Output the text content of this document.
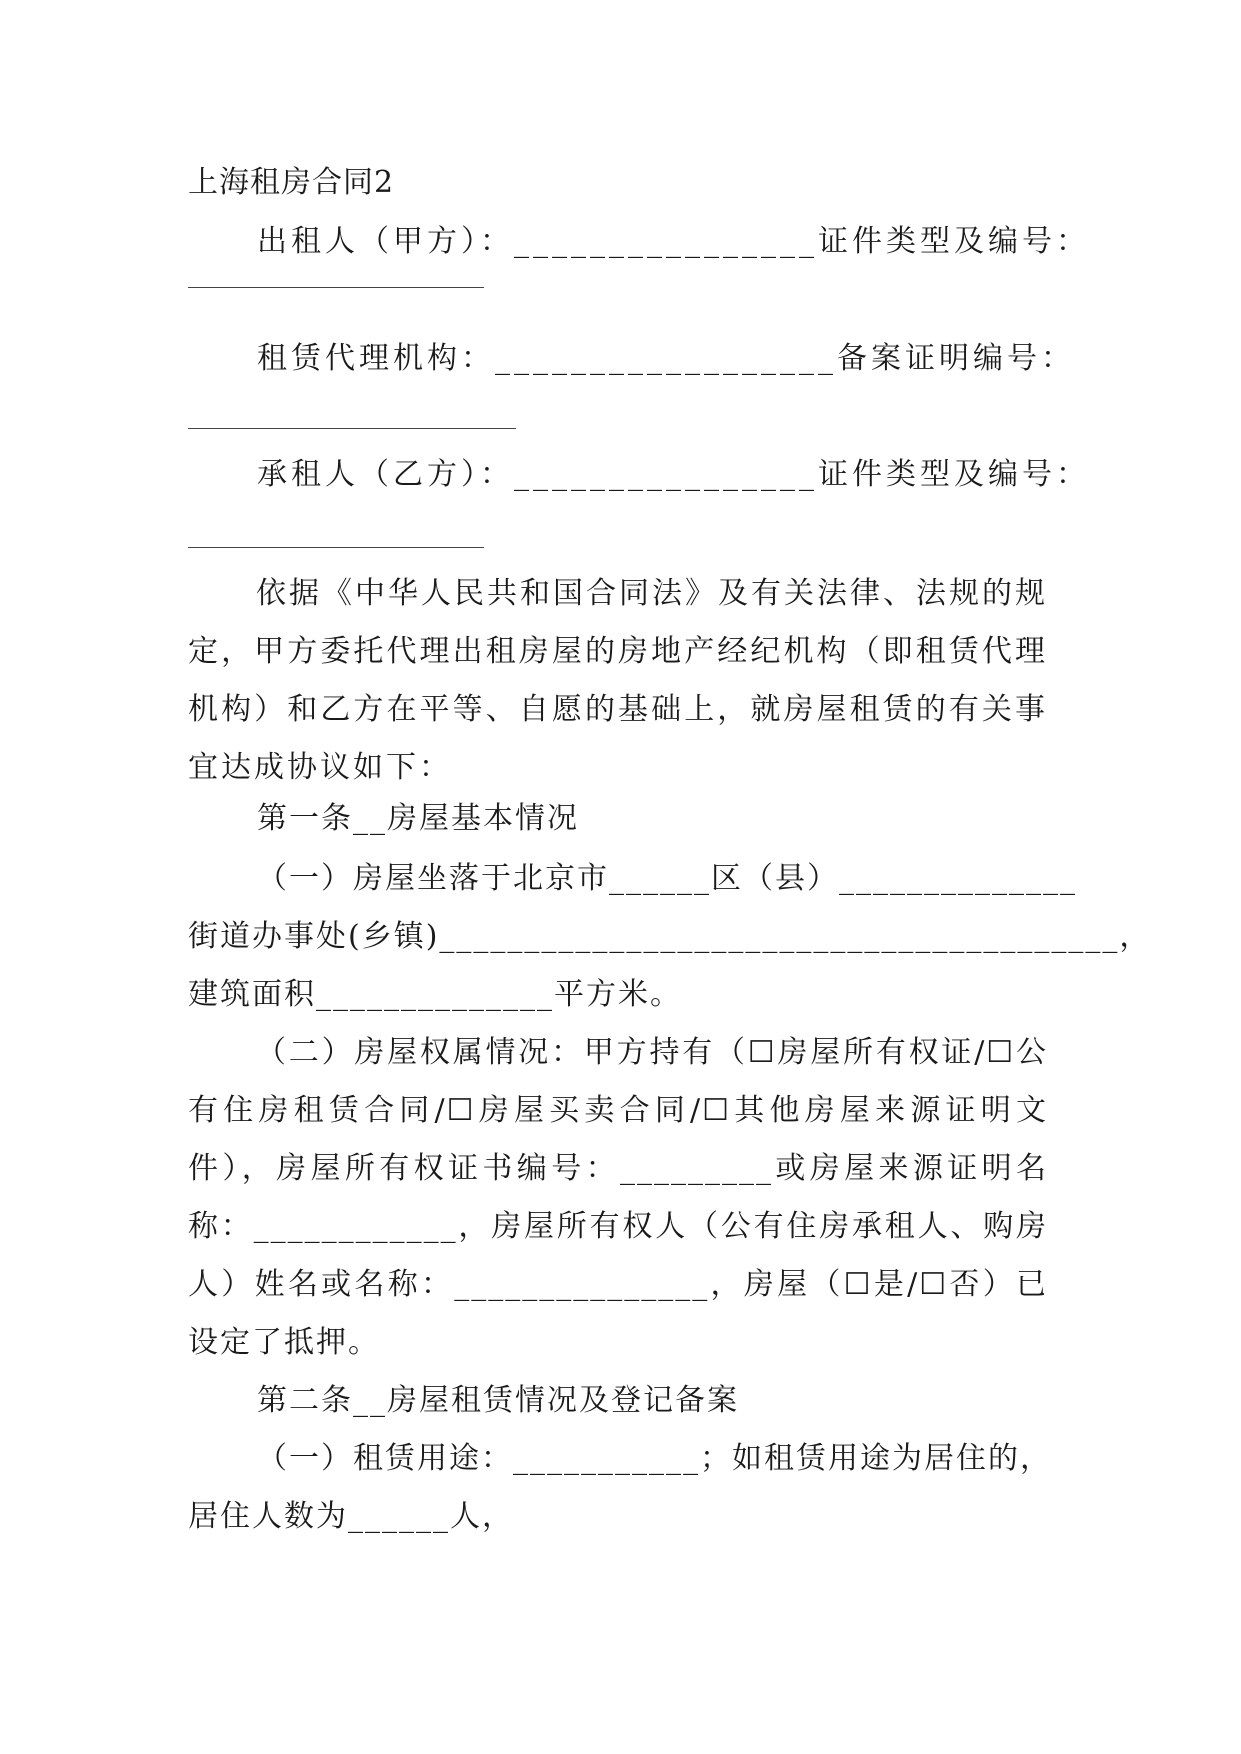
上海租房合同2
出租人（甲方）：________________证件类型及编号：
租赁代理机构：__________________备案证明编号：
承租人（乙方）：________________证件类型及编号：
依据《中华人民共和国合同法》及有关法律、法规的规定，甲方委托代理出租房屋的房地产经纪机构（即租赁代理机构）和乙方在平等、自愿的基础上，就房屋租赁的有关事宜达成协议如下：
第一条__房屋基本情况
（一）房屋坐落于北京市______区（县）______________
街道办事处(乡镇)________________________________________，
建筑面积______________平方米。
（二）房屋权属情况：甲方持有（☐房屋所有权证/☐公有住房租赁合同/☐房屋买卖合同/☐其他房屋来源证明文件），房屋所有权证书编号：_________或房屋来源证明名称：____________，房屋所有权人（公有住房承租人、购房人）姓名或名称：_______________，房屋（☐是/☐否）已设定了抵押。
第二条__房屋租赁情况及登记备案
（一）租赁用途：___________；如租赁用途为居住的，
居住人数为______人，
